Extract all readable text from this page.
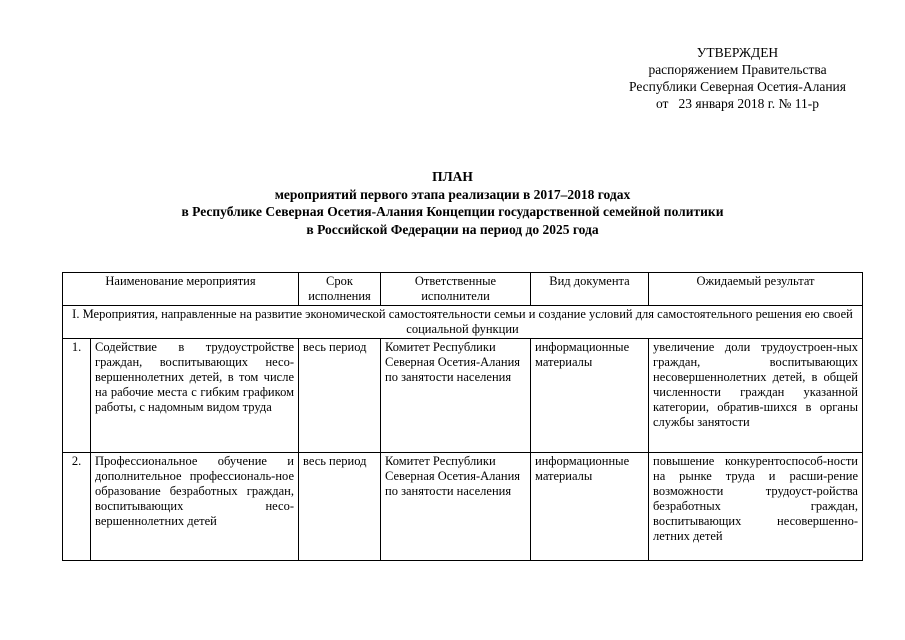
УТВЕРЖДЕН
распоряжением Правительства
Республики Северная Осетия-Алания
от   23 января 2018 г. № 11-р
ПЛАН
мероприятий первого этапа реализации в 2017–2018 годах
в Республике Северная Осетия-Алания Концепции государственной семейной политики
в Российской Федерации на период до 2025 года
Наименование мероприятия		Срок исполнения	Ответственные исполнители	Вид документа	Ожидаемый результат
I. Мероприятия, направленные на развитие экономической самостоятельности семьи и создание условий для самостоятельного решения ею своей социальной функции					
1.	Содействие в трудоустройстве граждан, воспитывающих несо-вершеннолетних детей, в том числе на рабочие места с гибким графиком работы, с надомным видом труда	весь период	Комитет Республики Северная Осетия-Алания по занятости населения	информационные материалы	увеличение доли трудоустроен-ных граждан, воспитывающих несовершеннолетних детей, в общей численности граждан указанной категории, обратив-шихся в органы службы занятости
2.	Профессиональное обучение и дополнительное профессиональ-ное образование безработных граждан, воспитывающих несо-вершеннолетних детей	весь период	Комитет Республики Северная Осетия-Алания по занятости населения	информационные материалы	повышение конкурентоспособ-ности на рынке труда и расши-рение возможности трудоуст-ройства безработных граждан, воспитывающих несовершенно-летних детей
